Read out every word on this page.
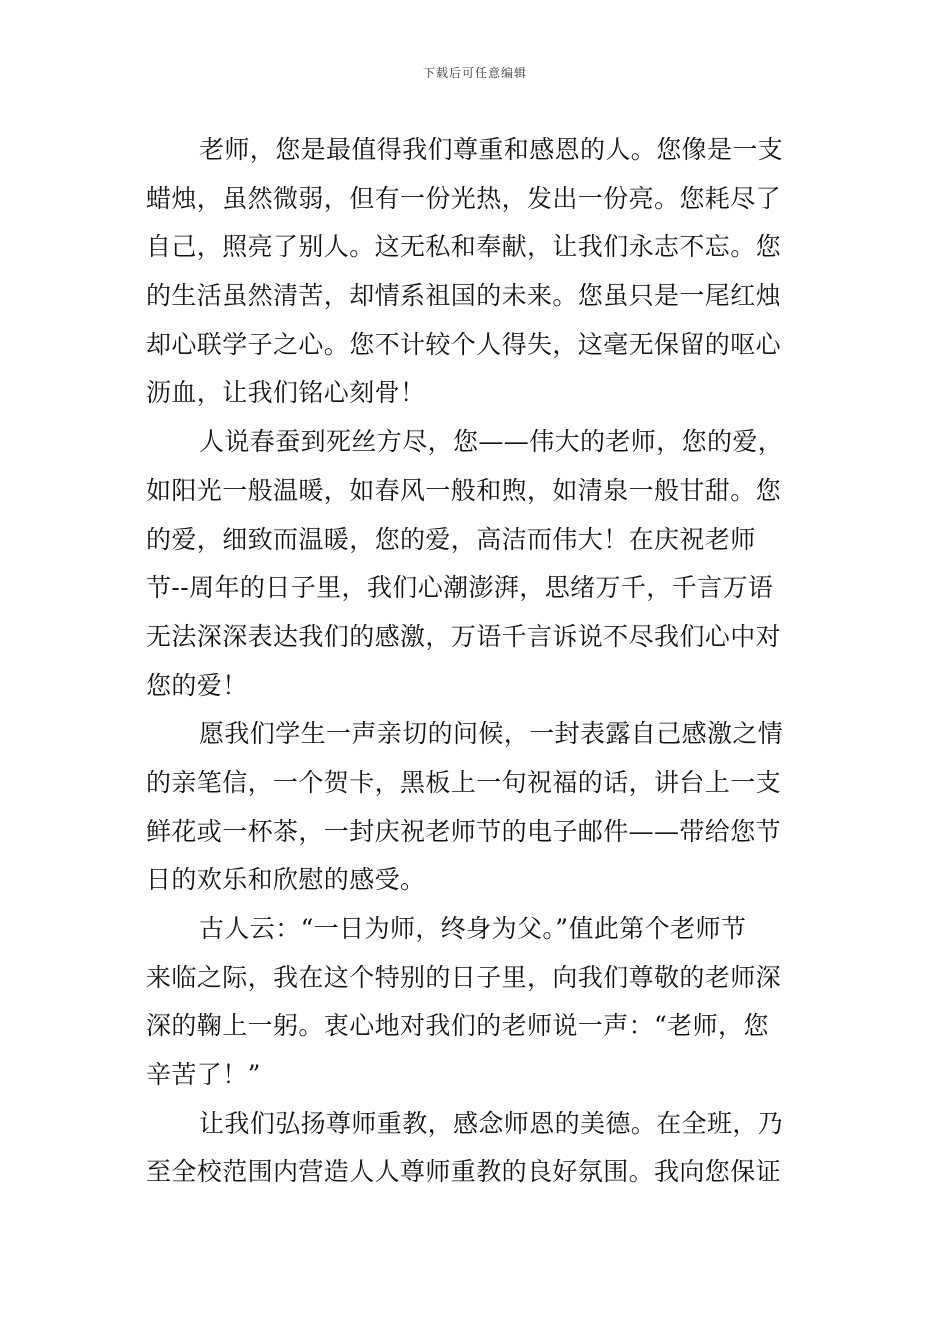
下载后可任意编辑
老师，您是最值得我们尊重和感恩的人。您像是一支
蜡烛，虽然微弱，但有一份光热，发出一份亮。您耗尽了
自己，照亮了别人。这无私和奉献，让我们永志不忘。您
的生活虽然清苦，却情系祖国的未来。您虽只是一尾红烛
却心联学子之心。您不计较个人得失，这毫无保留的呕心
沥血，让我们铭心刻骨！
人说春蚕到死丝方尽，您——伟大的老师，您的爱，
如阳光一般温暖，如春风一般和煦，如清泉一般甘甜。您
的爱，细致而温暖，您的爱，高洁而伟大！在庆祝老师
节--周年的日子里，我们心潮澎湃，思绪万千，千言万语
无法深深表达我们的感激，万语千言诉说不尽我们心中对
您的爱！
愿我们学生一声亲切的问候，一封表露自己感激之情
的亲笔信，一个贺卡，黑板上一句祝福的话，讲台上一支
鲜花或一杯茶，一封庆祝老师节的电子邮件——带给您节
日的欢乐和欣慰的感受。
古人云：“一日为师，终身为父。”值此第个老师节
来临之际，我在这个特别的日子里，向我们尊敬的老师深
深的鞠上一躬。衷心地对我们的老师说一声：“老师，您
辛苦了！”
让我们弘扬尊师重教，感念师恩的美德。在全班，乃
至全校范围内营造人人尊师重教的良好氛围。我向您保证
